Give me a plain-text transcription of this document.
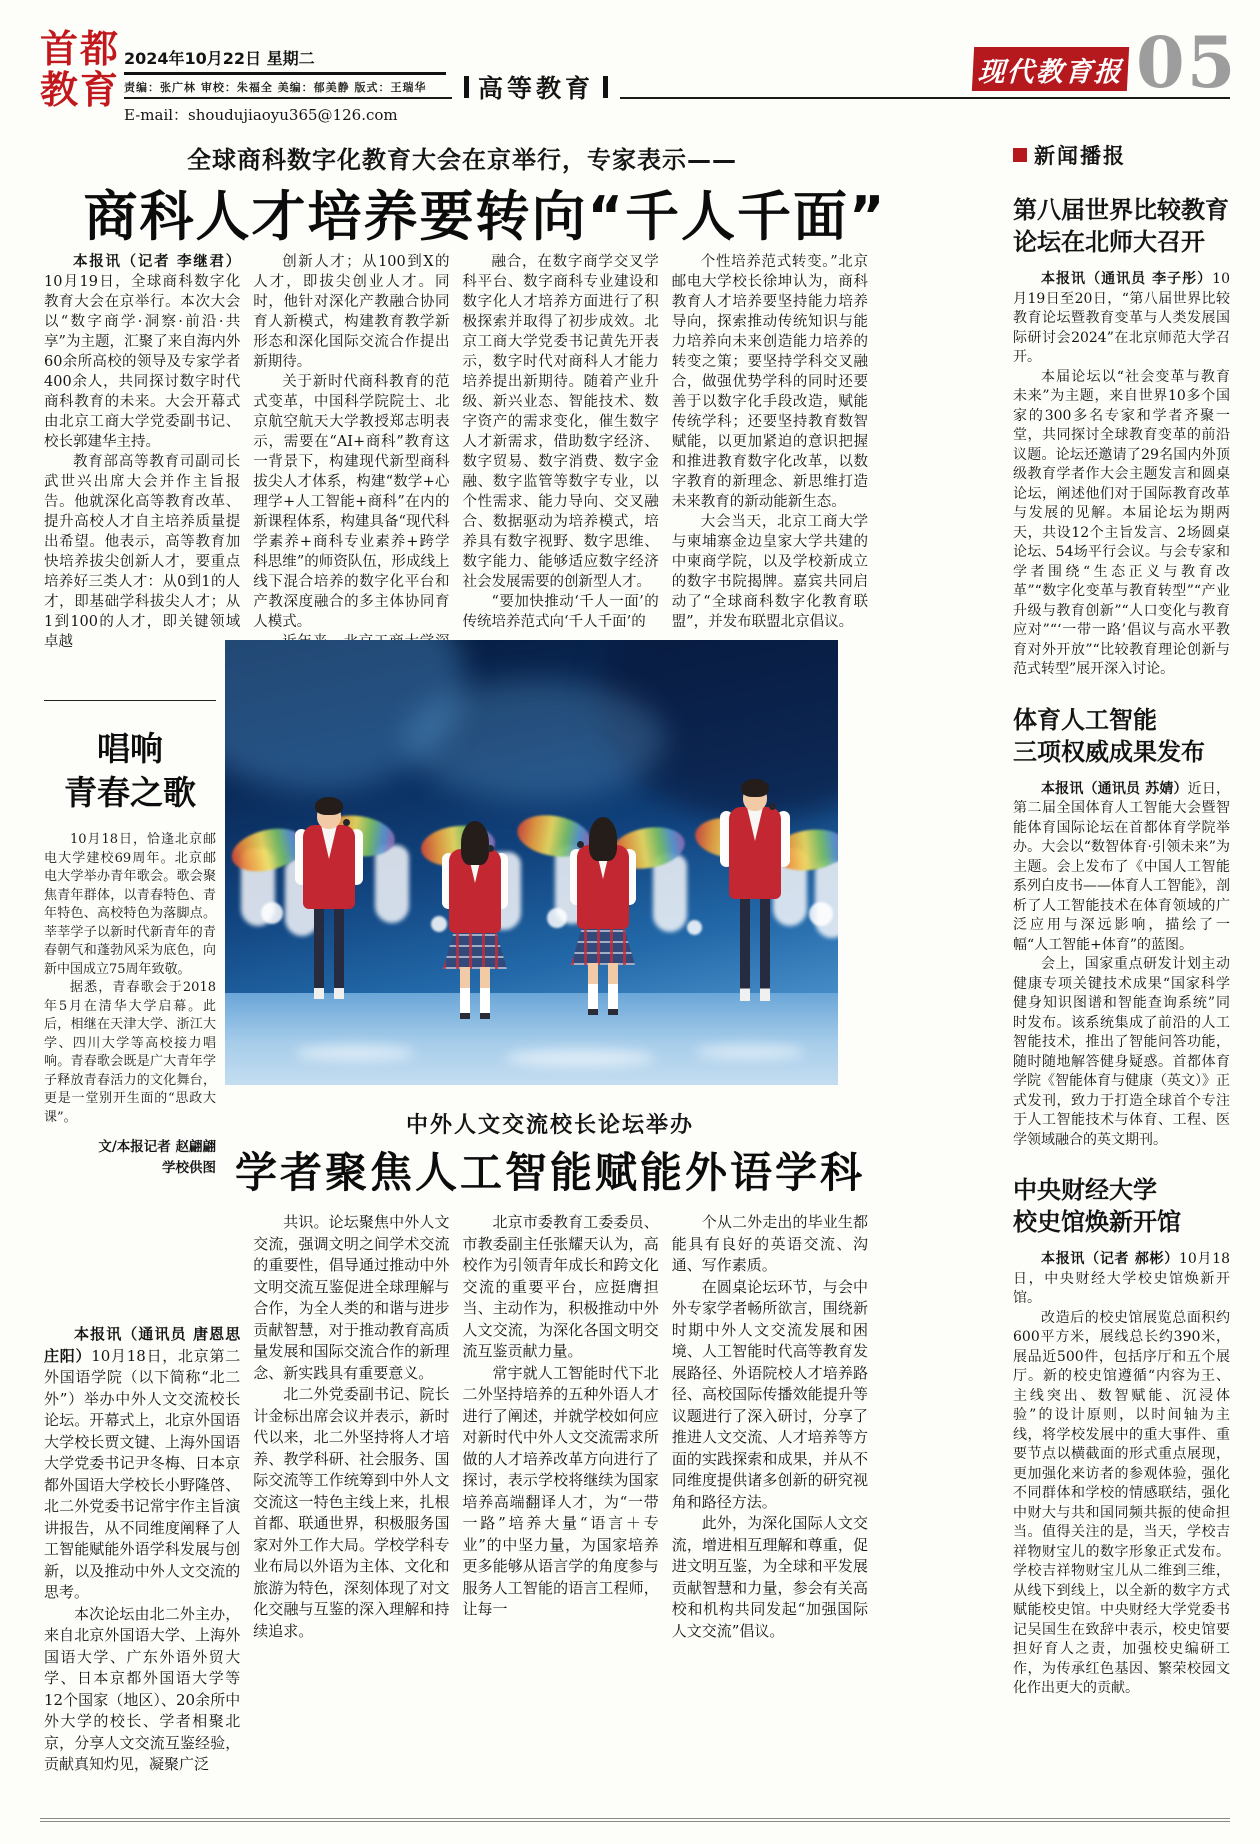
首都
教育
2024年10月22日 星期二
责编：张广林 审校：朱福全 美编：郁美静 版式：王瑞华
E-mail：shoudujiaoyu365@126.com
高等教育
现代教育报 05
全球商科数字化教育大会在京举行，专家表示——
商科人才培养要转向“千人千面”

本报讯（记者 李继君）10月19日，全球商科数字化教育大会在京举行。本次大会以“数字商学·洞察·前沿·共享”为主题，汇聚了来自海内外60余所高校的领导及专家学者400余人，共同探讨数字时代商科教育的未来。大会开幕式由北京工商大学党委副书记、校长郭建华主持。

教育部高等教育司副司长武世兴出席大会并作主旨报告。他就深化高等教育改革、提升高校人才自主培养质量提出希望。他表示，高等教育加快培养拔尖创新人才，要重点培养好三类人才：从0到1的人才，即基础学科拔尖人才；从1到100的人才，即关键领域卓越

创新人才；从100到X的人才，即拔尖创业人才。同时，他针对深化产教融合协同育人新模式，构建教育教学新形态和深化国际交流合作提出新期待。

关于新时代商科教育的范式变革，中国科学院院士、北京航空航天大学教授郑志明表示，需要在“AI+商科”教育这一背景下，构建现代新型商科拔尖人才体系，构建“数学+心理学+人工智能+商科”在内的新课程体系，构建具备“现代科学素养+商科专业素养+跨学科思维”的师资队伍，形成线上线下混合培养的数字化平台和产教深度融合的多主体协同育人模式。

融合，在数字商学交叉学科平台、数字商科专业建设和数字化人才培养方面进行了积极探索并取得了初步成效。北京工商大学党委书记黄先开表示，数字时代对商科人才能力培养提出新期待。随着产业升级、新兴业态、智能技术、数字资产的需求变化，催生数字人才新需求，借助数字经济、数字贸易、数字消费、数字金融、数字监管等数字专业，以个性需求、能力导向、交叉融合、数据驱动为培养模式，培养具有数字视野、数字思维、数字能力、能够适应数字经济社会发展需要的创新型人才。

“要加快推动‘千人一面’的传统培养范式向‘千人千面’的

个性培养范式转变。”北京邮电大学校长徐坤认为，商科教育人才培养要坚持能力培养导向，探索推动传统知识与能力培养向未来创造能力培养的转变之策；要坚持学科交叉融合，做强优势学科的同时还要善于以数字化手段改造，赋能传统学科；还要坚持教育数智赋能，以更加紧迫的意识把握和推进教育数字化改革，以数字教育的新理念、新思维打造未来教育的新动能新生态。

大会当天，北京工商大学与柬埔寨金边皇家大学共建的中柬商学院，以及学校新成立的数字书院揭牌。嘉宾共同启动了“全球商科数字化教育联盟”，并发布联盟北京倡议。

唱响
青春之歌

10月18日，恰逢北京邮电大学建校69周年。北京邮电大学举办青年歌会。歌会聚焦青年群体，以青春特色、青年特色、高校特色为落脚点。莘莘学子以新时代新青年的青春朝气和蓬勃风采为底色，向新中国成立75周年致敬。

据悉，青春歌会于2018年5月在清华大学启幕。此后，相继在天津大学、浙江大学、四川大学等高校接力唱响。青春歌会既是广大青年学子释放青春活力的文化舞台，更是一堂别开生面的“思政大课”。

文/本报记者 赵翩翩
学校供图
新闻播报
第八届世界比较教育
论坛在北师大召开

本报讯（通讯员 李子彤）10月19日至20日，“第八届世界比较教育论坛暨教育变革与人类发展国际研讨会2024”在北京师范大学召开。

本届论坛以“社会变革与教育未来”为主题，来自世界10多个国家的300多名专家和学者齐聚一堂，共同探讨全球教育变革的前沿议题。论坛还邀请了29名国内外顶级教育学者作大会主题发言和圆桌论坛，阐述他们对于国际教育改革与发展的见解。本届论坛为期两天，共设12个主旨发言、2场圆桌论坛、54场平行会议。与会专家和学者围绕“生态正义与教育改革”“数字化变革与教育转型”“产业升级与教育创新”“人口变化与教育应对”“‘一带一路’倡议与高水平教育对外开放”“比较教育理论创新与范式转型”展开深入讨论。

体育人工智能
三项权威成果发布

本报讯（通讯员 苏婧）近日，第二届全国体育人工智能大会暨智能体育国际论坛在首都体育学院举办。大会以“数智体育·引领未来”为主题。会上发布了《中国人工智能系列白皮书——体育人工智能》，剖析了人工智能技术在体育领域的广泛应用与深远影响，描绘了一幅“人工智能+体育”的蓝图。

会上，国家重点研发计划主动健康专项关键技术成果“国家科学健身知识图谱和智能查询系统”同时发布。该系统集成了前沿的人工智能技术，推出了智能问答功能，随时随地解答健身疑惑。首都体育学院《智能体育与健康（英文）》正式发刊，致力于打造全球首个专注于人工智能技术与体育、工程、医学领域融合的英文期刊。

中央财经大学
校史馆焕新开馆

本报讯（记者 郝彬）10月18日，中央财经大学校史馆焕新开馆。

改造后的校史馆展览总面积约600平方米，展线总长约390米，展品近500件，包括序厅和五个展厅。新的校史馆遵循“内容为王、主线突出、数智赋能、沉浸体验”的设计原则，以时间轴为主线，将学校发展中的重大事件、重要节点以横截面的形式重点展现，更加强化来访者的参观体验，强化不同群体和学校的情感联结，强化中财大与共和国同频共振的使命担当。值得关注的是，当天，学校吉祥物财宝儿的数字形象正式发布。学校吉祥物财宝儿从二维到三维，从线下到线上，以全新的数字方式赋能校史馆。中央财经大学党委书记吴国生在致辞中表示，校史馆要担好育人之责，加强校史编研工作，为传承红色基因、繁荣校园文化作出更大的贡献。

中外人文交流校长论坛举办
学者聚焦人工智能赋能外语学科

本报讯（通讯员 唐恩思 庄阳）10月18日，北京第二外国语学院（以下简称“北二外”）举办中外人文交流校长论坛。开幕式上，北京外国语大学校长贾文键、上海外国语大学党委书记尹冬梅、日本京都外国语大学校长小野隆啓、北二外党委书记常宇作主旨演讲报告，从不同维度阐释了人工智能赋能外语学科发展与创新，以及推动中外人文交流的思考。

本次论坛由北二外主办，来自北京外国语大学、上海外国语大学、广东外语外贸大学、日本京都外国语大学等12个国家（地区）、20余所中外大学的校长、学者相聚北京，分享人文交流互鉴经验，贡献真知灼见，凝聚广泛

共识。论坛聚焦中外人文交流，强调文明之间学术交流的重要性，倡导通过推动中外文明交流互鉴促进全球理解与合作，为全人类的和谐与进步贡献智慧，对于推动教育高质量发展和国际交流合作的新理念、新实践具有重要意义。

北二外党委副书记、院长计金标出席会议并表示，新时代以来，北二外坚持将人才培养、教学科研、社会服务、国际交流等工作统筹到中外人文交流这一特色主线上来，扎根首都、联通世界，积极服务国家对外工作大局。学校学科专业布局以外语为主体、文化和旅游为特色，深刻体现了对文化交融与互鉴的深入理解和持续追求。

北京市委教育工委委员、市教委副主任张耀天认为，高校作为引领青年成长和跨文化交流的重要平台，应挺膺担当、主动作为，积极推动中外人文交流，为深化各国文明交流互鉴贡献力量。

常宇就人工智能时代下北二外坚持培养的五种外语人才进行了阐述，并就学校如何应对新时代中外人文交流需求所做的人才培养改革方向进行了探讨，表示学校将继续为国家培养高端翻译人才，为“一带一路”培养大量“语言＋专业”的中坚力量，为国家培养更多能够从语言学的角度参与服务人工智能的语言工程师，让每一

个从二外走出的毕业生都能具有良好的英语交流、沟通、写作素质。

在圆桌论坛环节，与会中外专家学者畅所欲言，围绕新时期中外人文交流发展和困境、人工智能时代高等教育发展路径、外语院校人才培养路径、高校国际传播效能提升等议题进行了深入研讨，分享了推进人文交流、人才培养等方面的实践探索和成果，并从不同维度提供诸多创新的研究视角和路径方法。

此外，为深化国际人文交流，增进相互理解和尊重，促进文明互鉴，为全球和平发展贡献智慧和力量，参会有关高校和机构共同发起“加强国际人文交流”倡议。
